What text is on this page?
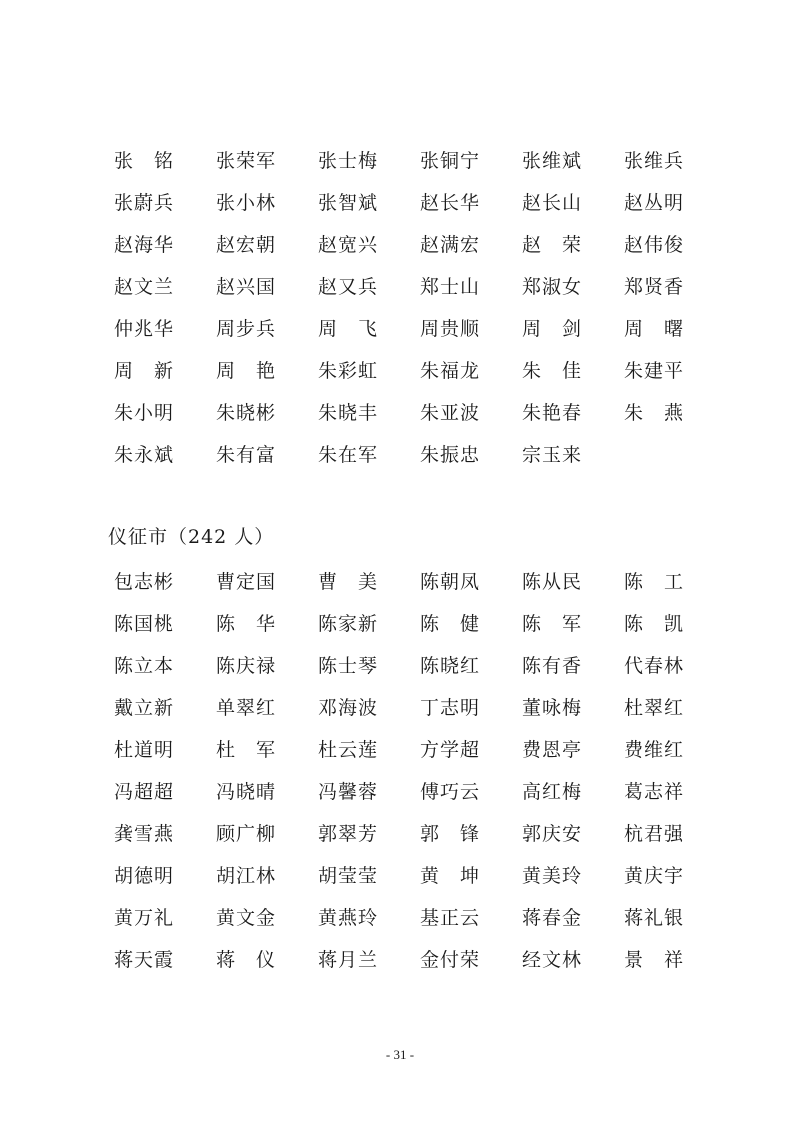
张　铭	张荣军	张士梅	张铜宁	张维斌	张维兵
张蔚兵	张小林	张智斌	赵长华	赵长山	赵丛明
赵海华	赵宏朝	赵宽兴	赵满宏	赵　荣	赵伟俊
赵文兰	赵兴国	赵又兵	郑士山	郑淑女	郑贤香
仲兆华	周步兵	周　飞	周贵顺	周　剑	周　曙
周　新	周　艳	朱彩虹	朱福龙	朱　佳	朱建平
朱小明	朱晓彬	朱晓丰	朱亚波	朱艳春	朱　燕
朱永斌	朱有富	朱在军	朱振忠	宗玉来
仪征市（242 人）
包志彬	曹定国	曹　美	陈朝凤	陈从民	陈　工
陈国桃	陈　华	陈家新	陈　健	陈　军	陈　凯
陈立本	陈庆禄	陈士琴	陈晓红	陈有香	代春林
戴立新	单翠红	邓海波	丁志明	董咏梅	杜翠红
杜道明	杜　军	杜云莲	方学超	费恩亭	费维红
冯超超	冯晓晴	冯馨蓉	傅巧云	高红梅	葛志祥
龚雪燕	顾广柳	郭翠芳	郭　锋	郭庆安	杭君强
胡德明	胡江林	胡莹莹	黄　坤	黄美玲	黄庆宇
黄万礼	黄文金	黄燕玲	基正云	蒋春金	蒋礼银
蒋天霞	蒋　仪	蒋月兰	金付荣	经文林	景　祥
- 31 -
